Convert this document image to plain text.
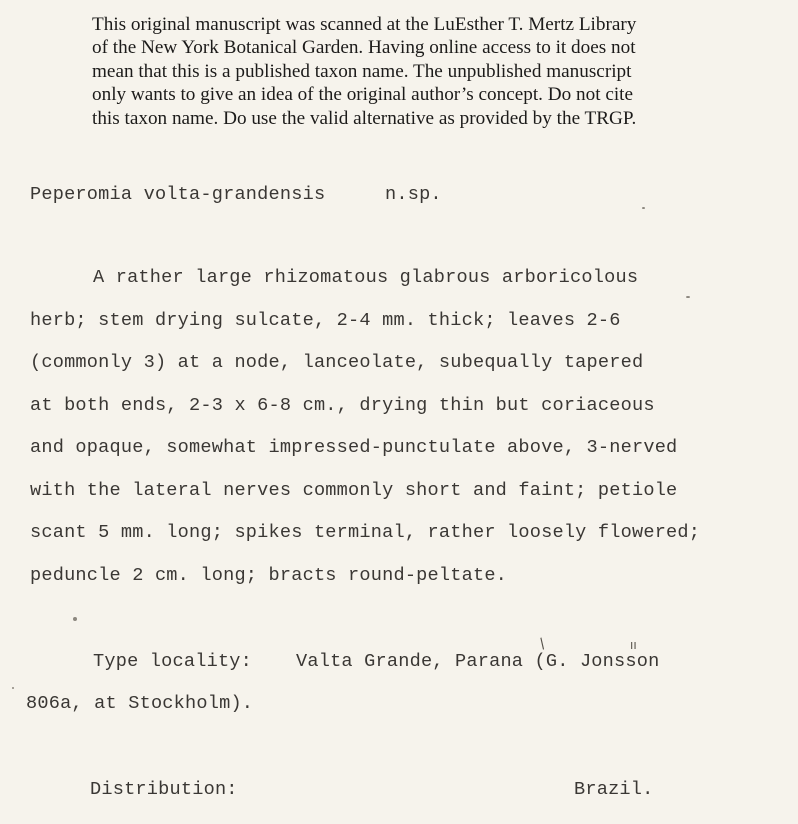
This original manuscript was scanned at the LuEsther T. Mertz Library
of the New York Botanical Garden. Having online access to it does not
mean that this is a published taxon name. The unpublished manuscript
only wants to give an idea of the original author’s concept. Do not cite
this taxon name. Do use the valid alternative as provided by the TRGP.
Peperomia volta-grandensis	n.sp.
A rather large rhizomatous glabrous arboricolous
herb; stem drying sulcate, 2-4 mm. thick; leaves 2-6
(commonly 3) at a node, lanceolate, subequally tapered
at both ends, 2-3 x 6-8 cm., drying thin but coriaceous
and opaque, somewhat impressed-punctulate above, 3-nerved
with the lateral nerves commonly short and faint; petiole
scant 5 mm. long; spikes terminal, rather loosely flowered;
peduncle 2 cm. long; bracts round-peltate.
Type locality: Valta Grande, Parana (G. Jonsson
806a, at Stockholm).
/	ıı
Distribution:	Brazil.
